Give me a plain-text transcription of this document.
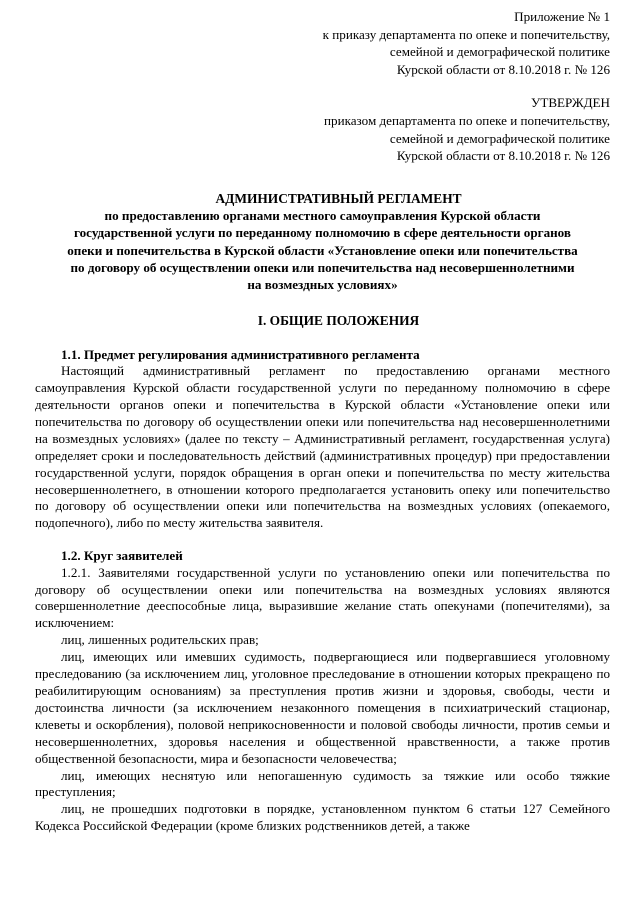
Приложение № 1
к приказу департамента по опеке и попечительству,
семейной и демографической политике
Курской области от 8.10.2018 г. № 126
УТВЕРЖДЕН
приказом департамента по опеке и попечительству,
семейной и демографической политике
Курской области от 8.10.2018 г. № 126
АДМИНИСТРАТИВНЫЙ РЕГЛАМЕНТ
по предоставлению органами местного самоуправления Курской области
государственной услуги по переданному полномочию в сфере деятельности органов
опеки и попечительства в Курской области «Установление опеки или попечительства
по договору об осуществлении опеки или попечительства над несовершеннолетними
на возмездных условиях»
I. ОБЩИЕ ПОЛОЖЕНИЯ
1.1. Предмет регулирования административного регламента

Настоящий административный регламент по предоставлению органами местного самоуправления Курской области государственной услуги по переданному полномочию в сфере деятельности органов опеки и попечительства в Курской области «Установление опеки или попечительства по договору об осуществлении опеки или попечительства над несовершеннолетними на возмездных условиях» (далее по тексту – Административный регламент, государственная услуга) определяет сроки и последовательность действий (административных процедур) при предоставлении государственной услуги, порядок обращения в орган опеки и попечительства по месту жительства несовершеннолетнего, в отношении которого предполагается установить опеку или попечительство по договору об осуществлении опеки или попечительства на возмездных условиях (опекаемого, подопечного), либо по месту жительства заявителя.

1.2. Круг заявителей

1.2.1. Заявителями государственной услуги по установлению опеки или попечительства по договору об осуществлении опеки или попечительства на возмездных условиях являются совершеннолетние дееспособные лица, выразившие желание стать опекунами (попечителями), за исключением:

лиц, лишенных родительских прав;

лиц, имеющих или имевших судимость, подвергающиеся или подвергавшиеся уголовному преследованию (за исключением лиц, уголовное преследование в отношении которых прекращено по реабилитирующим основаниям) за преступления против жизни и здоровья, свободы, чести и достоинства личности (за исключением незаконного помещения в психиатрический стационар, клеветы и оскорбления), половой неприкосновенности и половой свободы личности, против семьи и несовершеннолетних, здоровья населения и общественной нравственности, а также против общественной безопасности, мира и безопасности человечества;

лиц, имеющих неснятую или непогашенную судимость за тяжкие или особо тяжкие преступления;

лиц, не прошедших подготовки в порядке, установленном пунктом 6 статьи 127 Семейного Кодекса Российской Федерации (кроме близких родственников детей, а также
